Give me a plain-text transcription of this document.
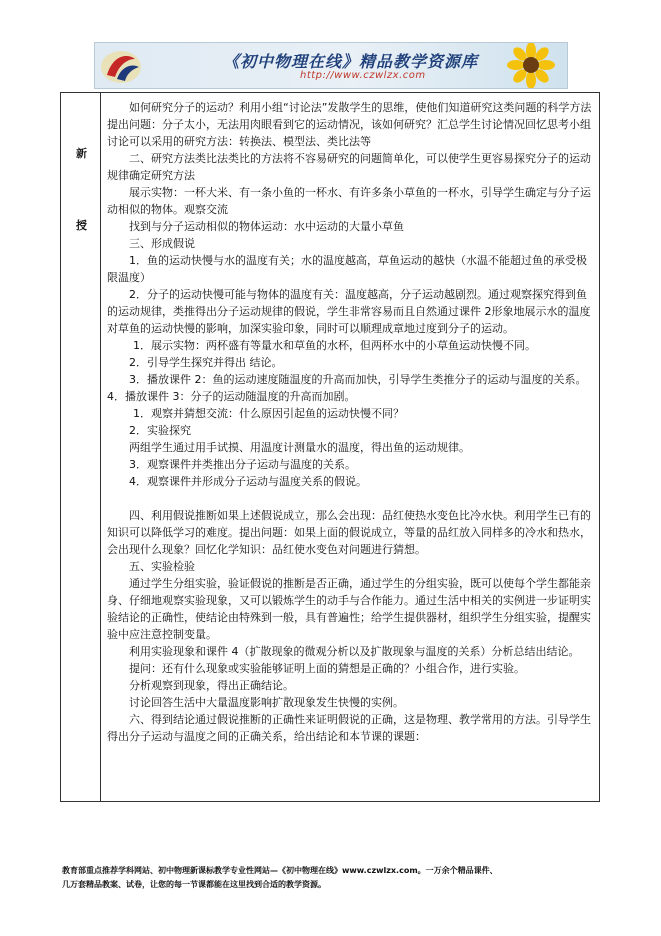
《初中物理在线》精品教学资源库
http://www.czwlzx.com
新
授

如何研究分子的运动？利用小组“讨论法”发散学生的思维，使他们知道研究这类问题的科学方法提出问题：分子太小，无法用肉眼看到它的运动情况，该如何研究？汇总学生讨论情况回忆思考小组讨论可以采用的研究方法：转换法、模型法、类比法等

二、研究方法类比法类比的方法将不容易研究的问题简单化，可以使学生更容易探究分子的运动规律确定研究方法

展示实物：一杯大米、有一条小鱼的一杯水、有许多条小草鱼的一杯水，引导学生确定与分子运动相似的物体。观察交流

找到与分子运动相似的物体运动：水中运动的大量小草鱼

三、形成假说

1．鱼的运动快慢与水的温度有关；水的温度越高，草鱼运动的越快（水温不能超过鱼的承受极限温度）

2．分子的运动快慢可能与物体的温度有关：温度越高，分子运动越剧烈。通过观察探究得到鱼的运动规律，类推得出分子运动规律的假说，学生非常容易而且自然通过课件 2形象地展示水的温度对草鱼的运动快慢的影响，加深实验印象，同时可以顺理成章地过度到分子的运动。

1．展示实物：两杯盛有等量水和草鱼的水杯，但两杯水中的小草鱼运动快慢不同。

2．引导学生探究并得出 结论。

3．播放课件 2：鱼的运动速度随温度的升高而加快，引导学生类推分子的运动与温度的关系。4．播放课件 3：分子的运动随温度的升高而加剧。

1．观察并猜想交流：什么原因引起鱼的运动快慢不同？

2．实验探究

两组学生通过用手试摸、用温度计测量水的温度，得出鱼的运动规律。

3．观察课件并类推出分子运动与温度的关系。

4．观察课件并形成分子运动与温度关系的假说。

四、利用假说推断如果上述假说成立，那么会出现：品红使热水变色比冷水快。利用学生已有的知识可以降低学习的难度。提出问题：如果上面的假说成立，等量的品红放入同样多的冷水和热水，会出现什么现象？回忆化学知识：品红使水变色对问题进行猜想。

五、实验检验

通过学生分组实验，验证假说的推断是否正确，通过学生的分组实验，既可以使每个学生都能亲身、仔细地观察实验现象，又可以锻炼学生的动手与合作能力。通过生活中相关的实例进一步证明实验结论的正确性，使结论由特殊到一般，具有普遍性；给学生提供器材，组织学生分组实验，提醒实验中应注意控制变量。

利用实验现象和课件 4（扩散现象的微观分析以及扩散现象与温度的关系）分析总结出结论。

提问：还有什么现象或实验能够证明上面的猜想是正确的？小组合作，进行实验。

分析观察到现象，得出正确结论。

讨论回答生活中大量温度影响扩散现象发生快慢的实例。

六、得到结论通过假说推断的正确性来证明假说的正确，这是物理、教学常用的方法。引导学生得出分子运动与温度之间的正确关系，给出结论和本节课的课题：

教育部重点推荐学科网站、初中物理新课标教学专业性网站—《初中物理在线》www.czwlzx.com。一万余个精品课件、
几万套精品教案、试卷，让您的每一节课都能在这里找到合适的教学资源。
